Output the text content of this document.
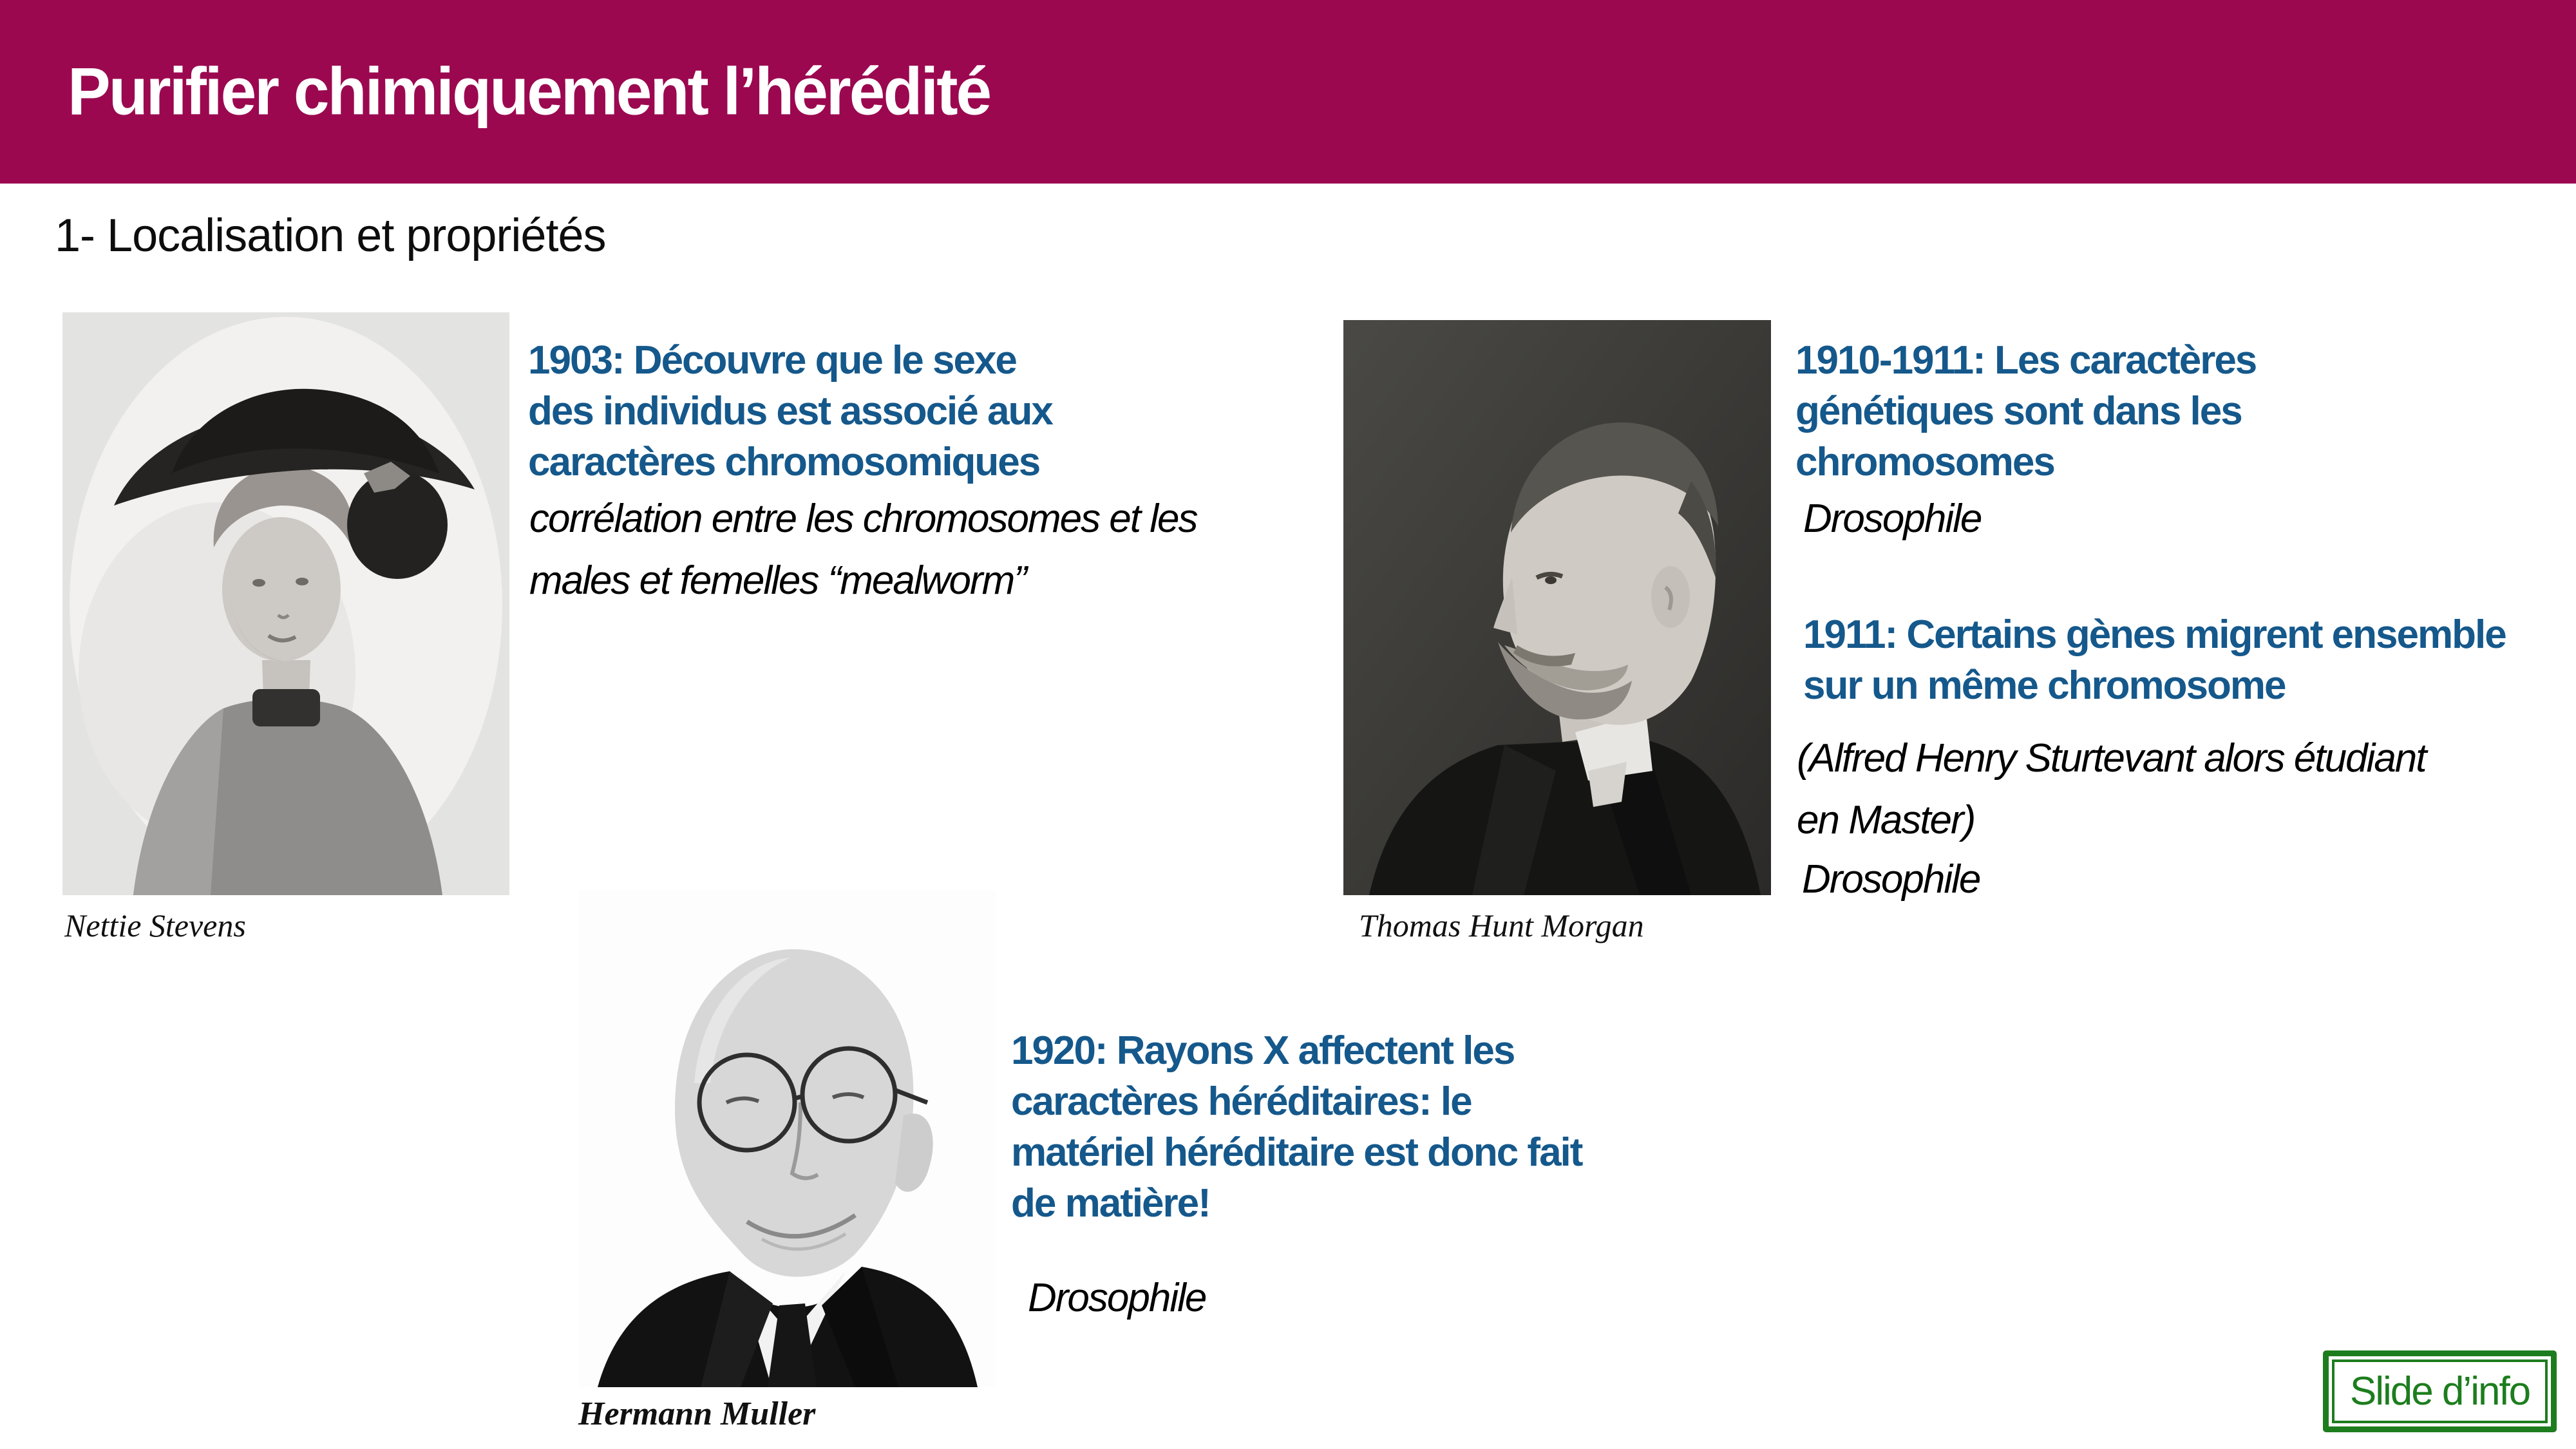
Purifier chimiquement l’hérédité
1- Localisation et propriétés
Nettie Stevens
1903: Découvre que le sexe
des individus est associé aux
caractères chromosomiques
corrélation entre les chromosomes et les
males et femelles “mealworm”
Thomas Hunt Morgan
1910-1911: Les caractères
génétiques sont dans les
chromosomes
Drosophile
1911: Certains gènes migrent ensemble
sur un même chromosome
(Alfred Henry Sturtevant alors étudiant
en Master)
Drosophile
Hermann Muller
1920: Rayons X affectent les
caractères héréditaires: le
matériel héréditaire est donc fait
de matière!
Drosophile
Slide d’info
